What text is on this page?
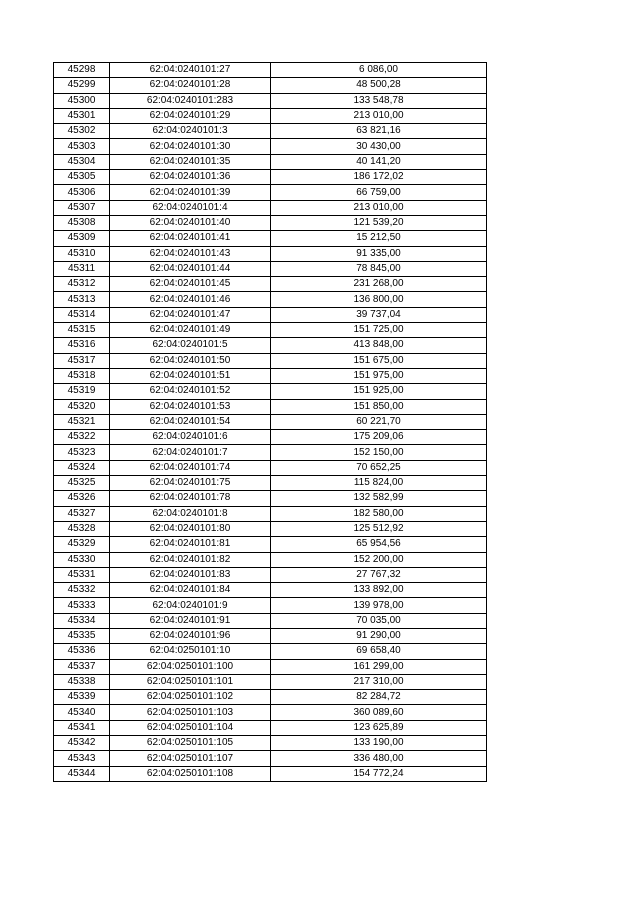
45298	62:04:0240101:27	6 086,00
45299	62:04:0240101:28	48 500,28
45300	62:04:0240101:283	133 548,78
45301	62:04:0240101:29	213 010,00
45302	62:04:0240101:3	63 821,16
45303	62:04:0240101:30	30 430,00
45304	62:04:0240101:35	40 141,20
45305	62:04:0240101:36	186 172,02
45306	62:04:0240101:39	66 759,00
45307	62:04:0240101:4	213 010,00
45308	62:04:0240101:40	121 539,20
45309	62:04:0240101:41	15 212,50
45310	62:04:0240101:43	91 335,00
45311	62:04:0240101:44	78 845,00
45312	62:04:0240101:45	231 268,00
45313	62:04:0240101:46	136 800,00
45314	62:04:0240101:47	39 737,04
45315	62:04:0240101:49	151 725,00
45316	62:04:0240101:5	413 848,00
45317	62:04:0240101:50	151 675,00
45318	62:04:0240101:51	151 975,00
45319	62:04:0240101:52	151 925,00
45320	62:04:0240101:53	151 850,00
45321	62:04:0240101:54	60 221,70
45322	62:04:0240101:6	175 209,06
45323	62:04:0240101:7	152 150,00
45324	62:04:0240101:74	70 652,25
45325	62:04:0240101:75	115 824,00
45326	62:04:0240101:78	132 582,99
45327	62:04:0240101:8	182 580,00
45328	62:04:0240101:80	125 512,92
45329	62:04:0240101:81	65 954,56
45330	62:04:0240101:82	152 200,00
45331	62:04:0240101:83	27 767,32
45332	62:04:0240101:84	133 892,00
45333	62:04:0240101:9	139 978,00
45334	62:04:0240101:91	70 035,00
45335	62:04:0240101:96	91 290,00
45336	62:04:0250101:10	69 658,40
45337	62:04:0250101:100	161 299,00
45338	62:04:0250101:101	217 310,00
45339	62:04:0250101:102	82 284,72
45340	62:04:0250101:103	360 089,60
45341	62:04:0250101:104	123 625,89
45342	62:04:0250101:105	133 190,00
45343	62:04:0250101:107	336 480,00
45344	62:04:0250101:108	154 772,24
